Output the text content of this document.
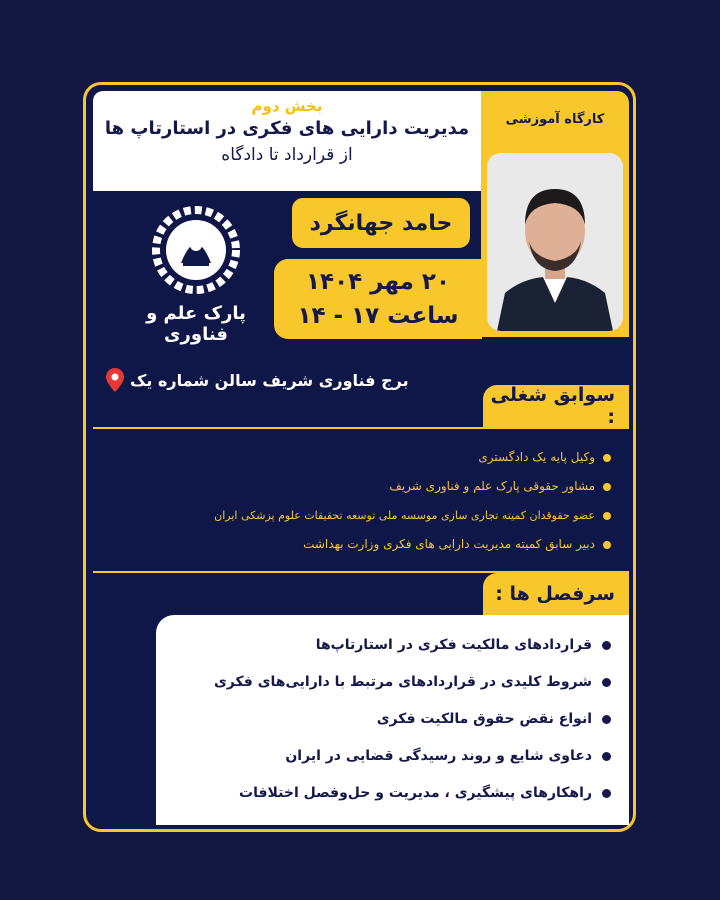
بخش دوم
مدیریت دارایی های فکری در استارتاپ ها
از قرارداد تا دادگاه
کارگاه آموزشی
حامد جهانگرد
۲۰ مهر ۱۴۰۴
ساعت ۱۷ - ۱۴
پارک علم و فناوری
برج فناوری شریف سالن شماره یک
سوابق شغلی :
وکیل پایه یک دادگستری
مشاور حقوقی پارک علم و فناوری شریف
عضو حقوقدان کمیته تجاری سازی موسسه ملی توسعه تحقیقات علوم پزشکی ایران
دبیر سابق کمیته مدیریت دارایی های فکری وزارت بهداشت
سرفصل ها :
قراردادهای مالکیت فکری در استارتاپ‌ها
شروط کلیدی در قراردادهای مرتبط با دارایی‌های فکری
انواع نقض حقوق مالکیت فکری
دعاوی شایع و روند رسیدگی قضایی در ایران
راهکارهای پیشگیری ، مدیریت و حل‌وفصل اختلافات
